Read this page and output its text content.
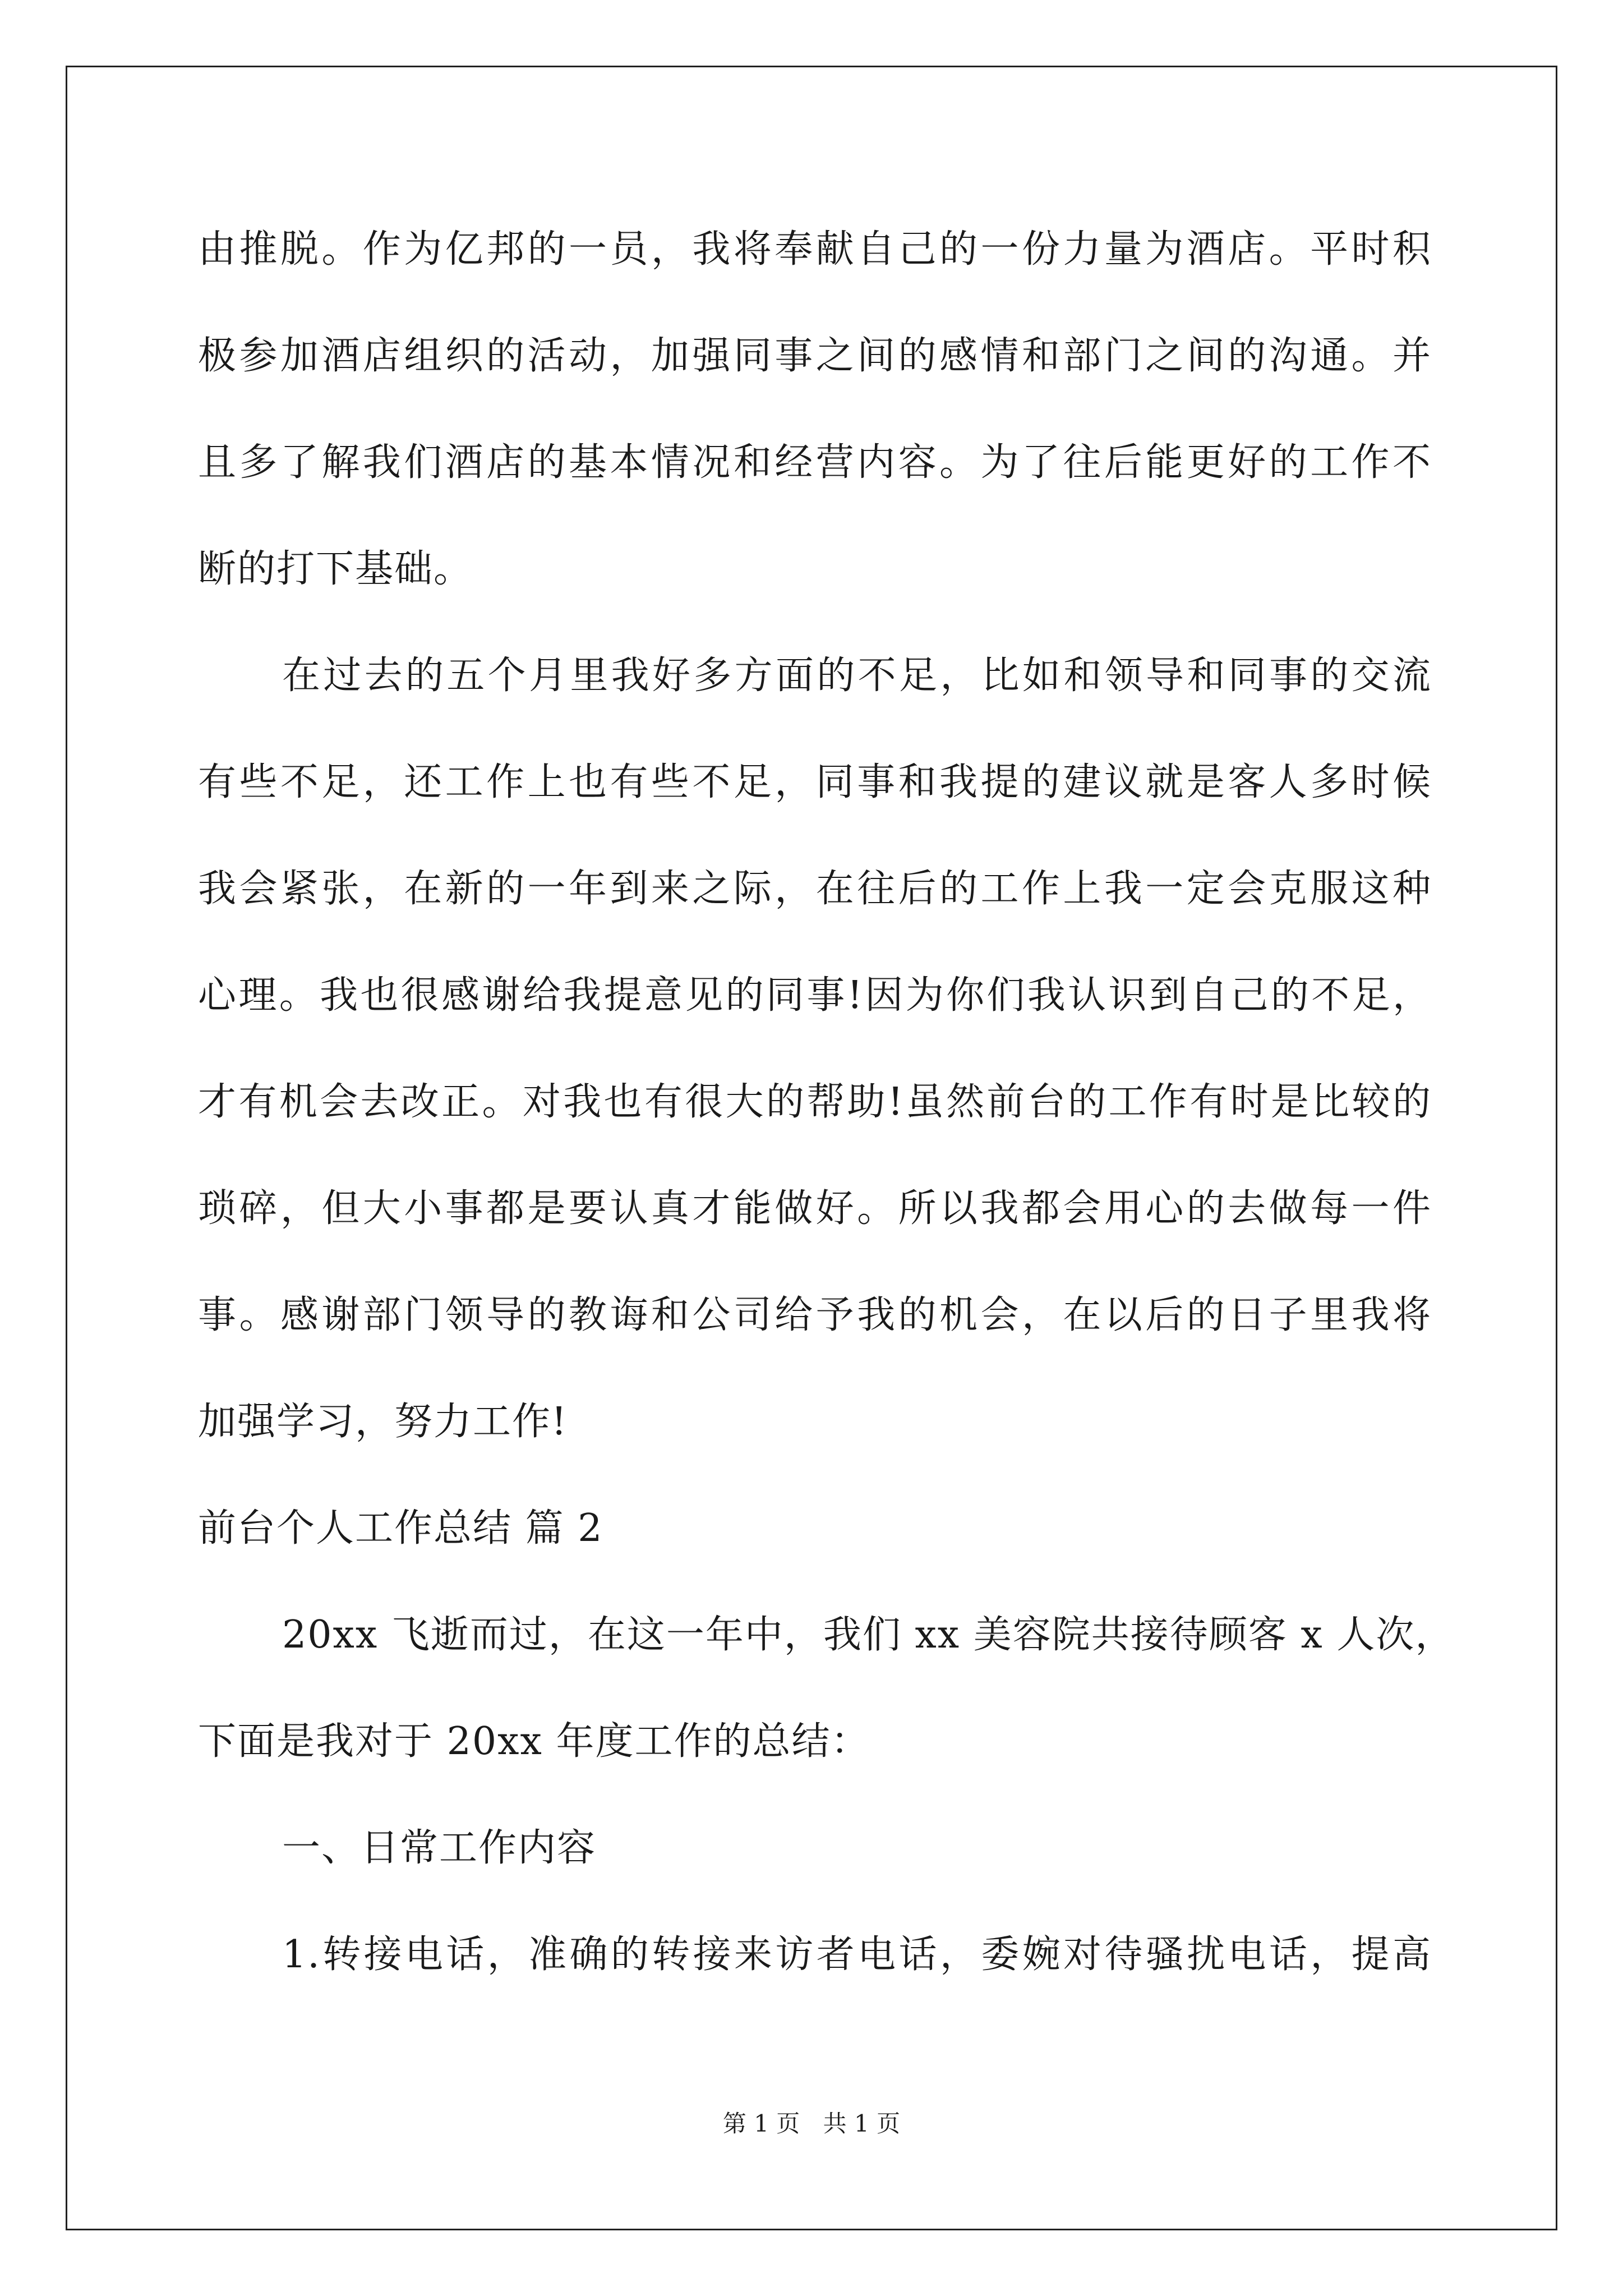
由推脱。作为亿邦的一员，我将奉献自己的一份力量为酒店。平时积
极参加酒店组织的活动，加强同事之间的感情和部门之间的沟通。并
且多了解我们酒店的基本情况和经营内容。为了往后能更好的工作不
断的打下基础。
在过去的五个月里我好多方面的不足，比如和领导和同事的交流
有些不足，还工作上也有些不足，同事和我提的建议就是客人多时候
我会紧张，在新的一年到来之际，在往后的工作上我一定会克服这种
心理。我也很感谢给我提意见的同事!因为你们我认识到自己的不足，
才有机会去改正。对我也有很大的帮助!虽然前台的工作有时是比较的
琐碎，但大小事都是要认真才能做好。所以我都会用心的去做每一件
事。感谢部门领导的教诲和公司给予我的机会，在以后的日子里我将
加强学习，努力工作!
前台个人工作总结 篇 2
20xx 飞逝而过，在这一年中，我们 xx 美容院共接待顾客 x 人次，
下面是我对于 20xx 年度工作的总结：
一、日常工作内容
1.转接电话，准确的转接来访者电话，委婉对待骚扰电话，提高
第 1 页 共 1 页
